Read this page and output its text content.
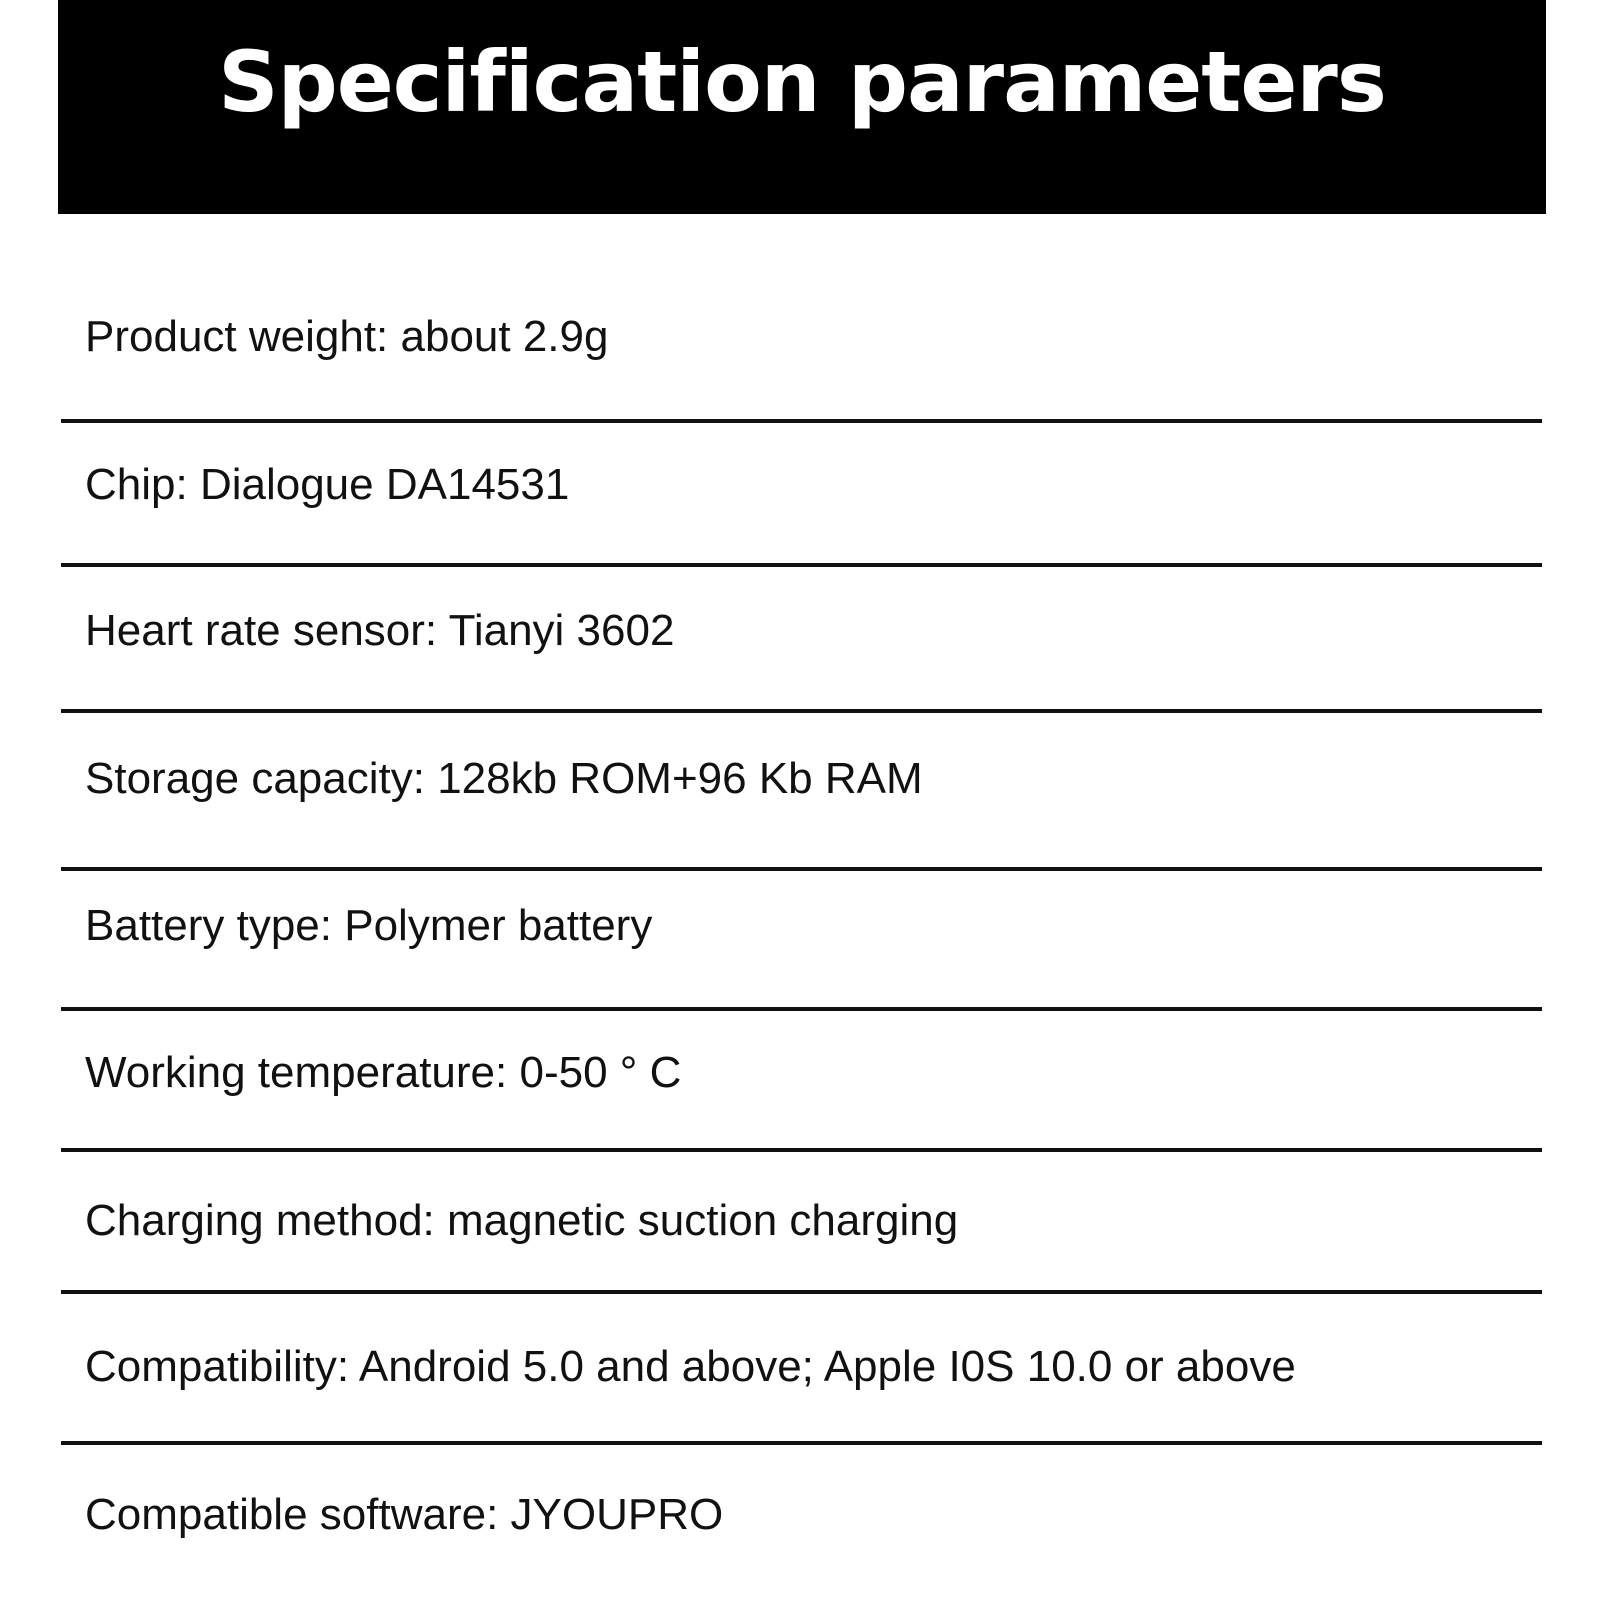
Specification parameters
Product weight: about 2.9g
Chip: Dialogue DA14531
Heart rate sensor: Tianyi 3602
Storage capacity: 128kb ROM+96 Kb RAM
Battery type: Polymer battery
Working temperature: 0-50 ° C
Charging method: magnetic suction charging
Compatibility: Android 5.0 and above; Apple I0S 10.0 or above
Compatible software: JYOUPRO
